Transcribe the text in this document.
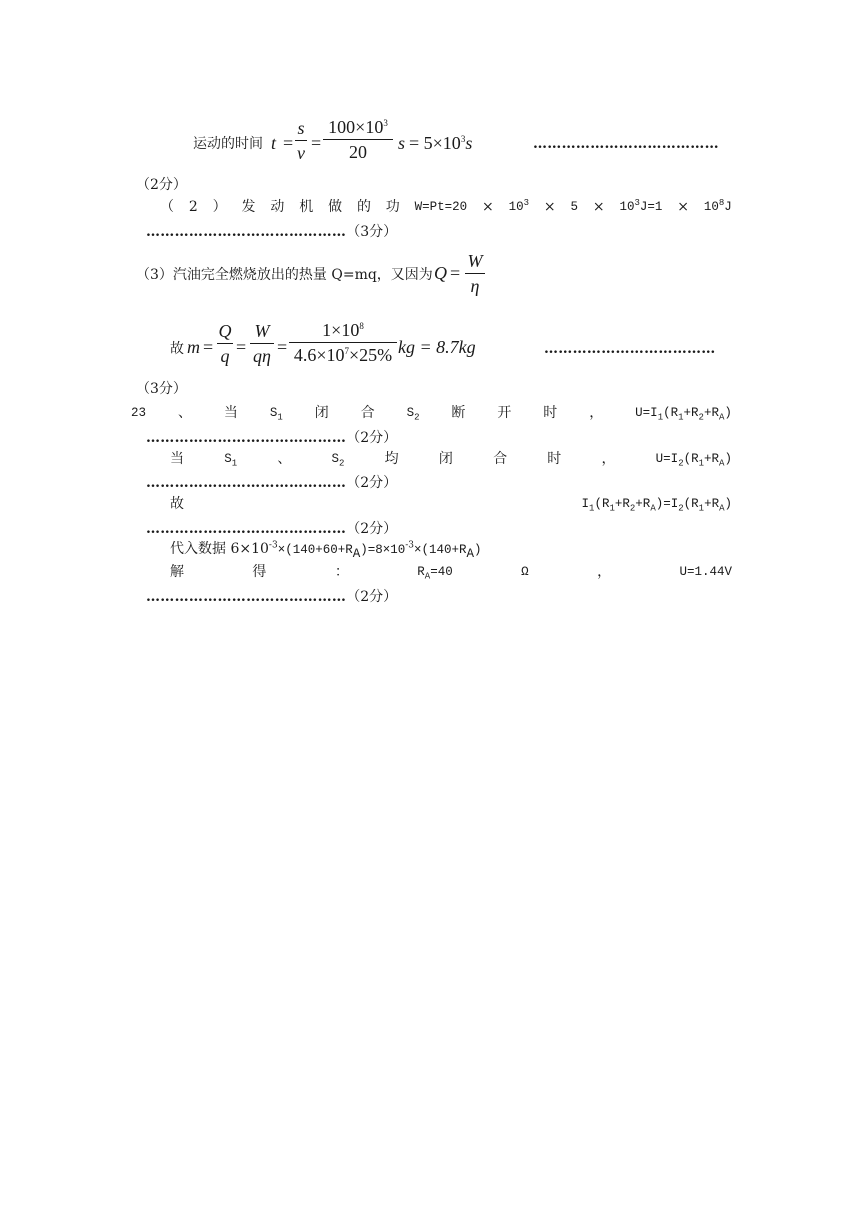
运动的时间 t =
s
v =
$100\times 10^3$
20 $s = 5\times 10^3s$	…………………………………
（2分）
（ 2 ） 发 动 机 做 的 功 $W=Pt=20 \times 10^3 \times 5 \times 10^3J=1 \times 10^8J$
……………………………………（3分）
（3）汽油完全燃烧放出的热量 Q=mq，又因为 Q =
W
η
故 m =
Q
q =
W
qη =
$1\times 10^8$
$4.6\times 10^7\times 25\%$ kg = 8.7kg	………………………………
（3分）
23 、 当	$S_1$ 闭 合	$S_2$ 断 开 时 ，	$U=I_1(R_1+R_2+R_A)$
……………………………………（2分）
当	$S_1$	、	$S_2$	均	闭	合	时	，	$U=I_2(R_1+R_A)$
……………………………………（2分）
故	$I_1(R_1+R_2+R_A)=I_2(R_1+R_A)$
……………………………………（2分）
代入数据 $6\times 10^{-3}\times(140+60+R_A)=8\times 10^{-3}\times(140+R_A)$
解	得	：	$R_A=40$	Ω	，	U=1.44V
……………………………………（2分）
